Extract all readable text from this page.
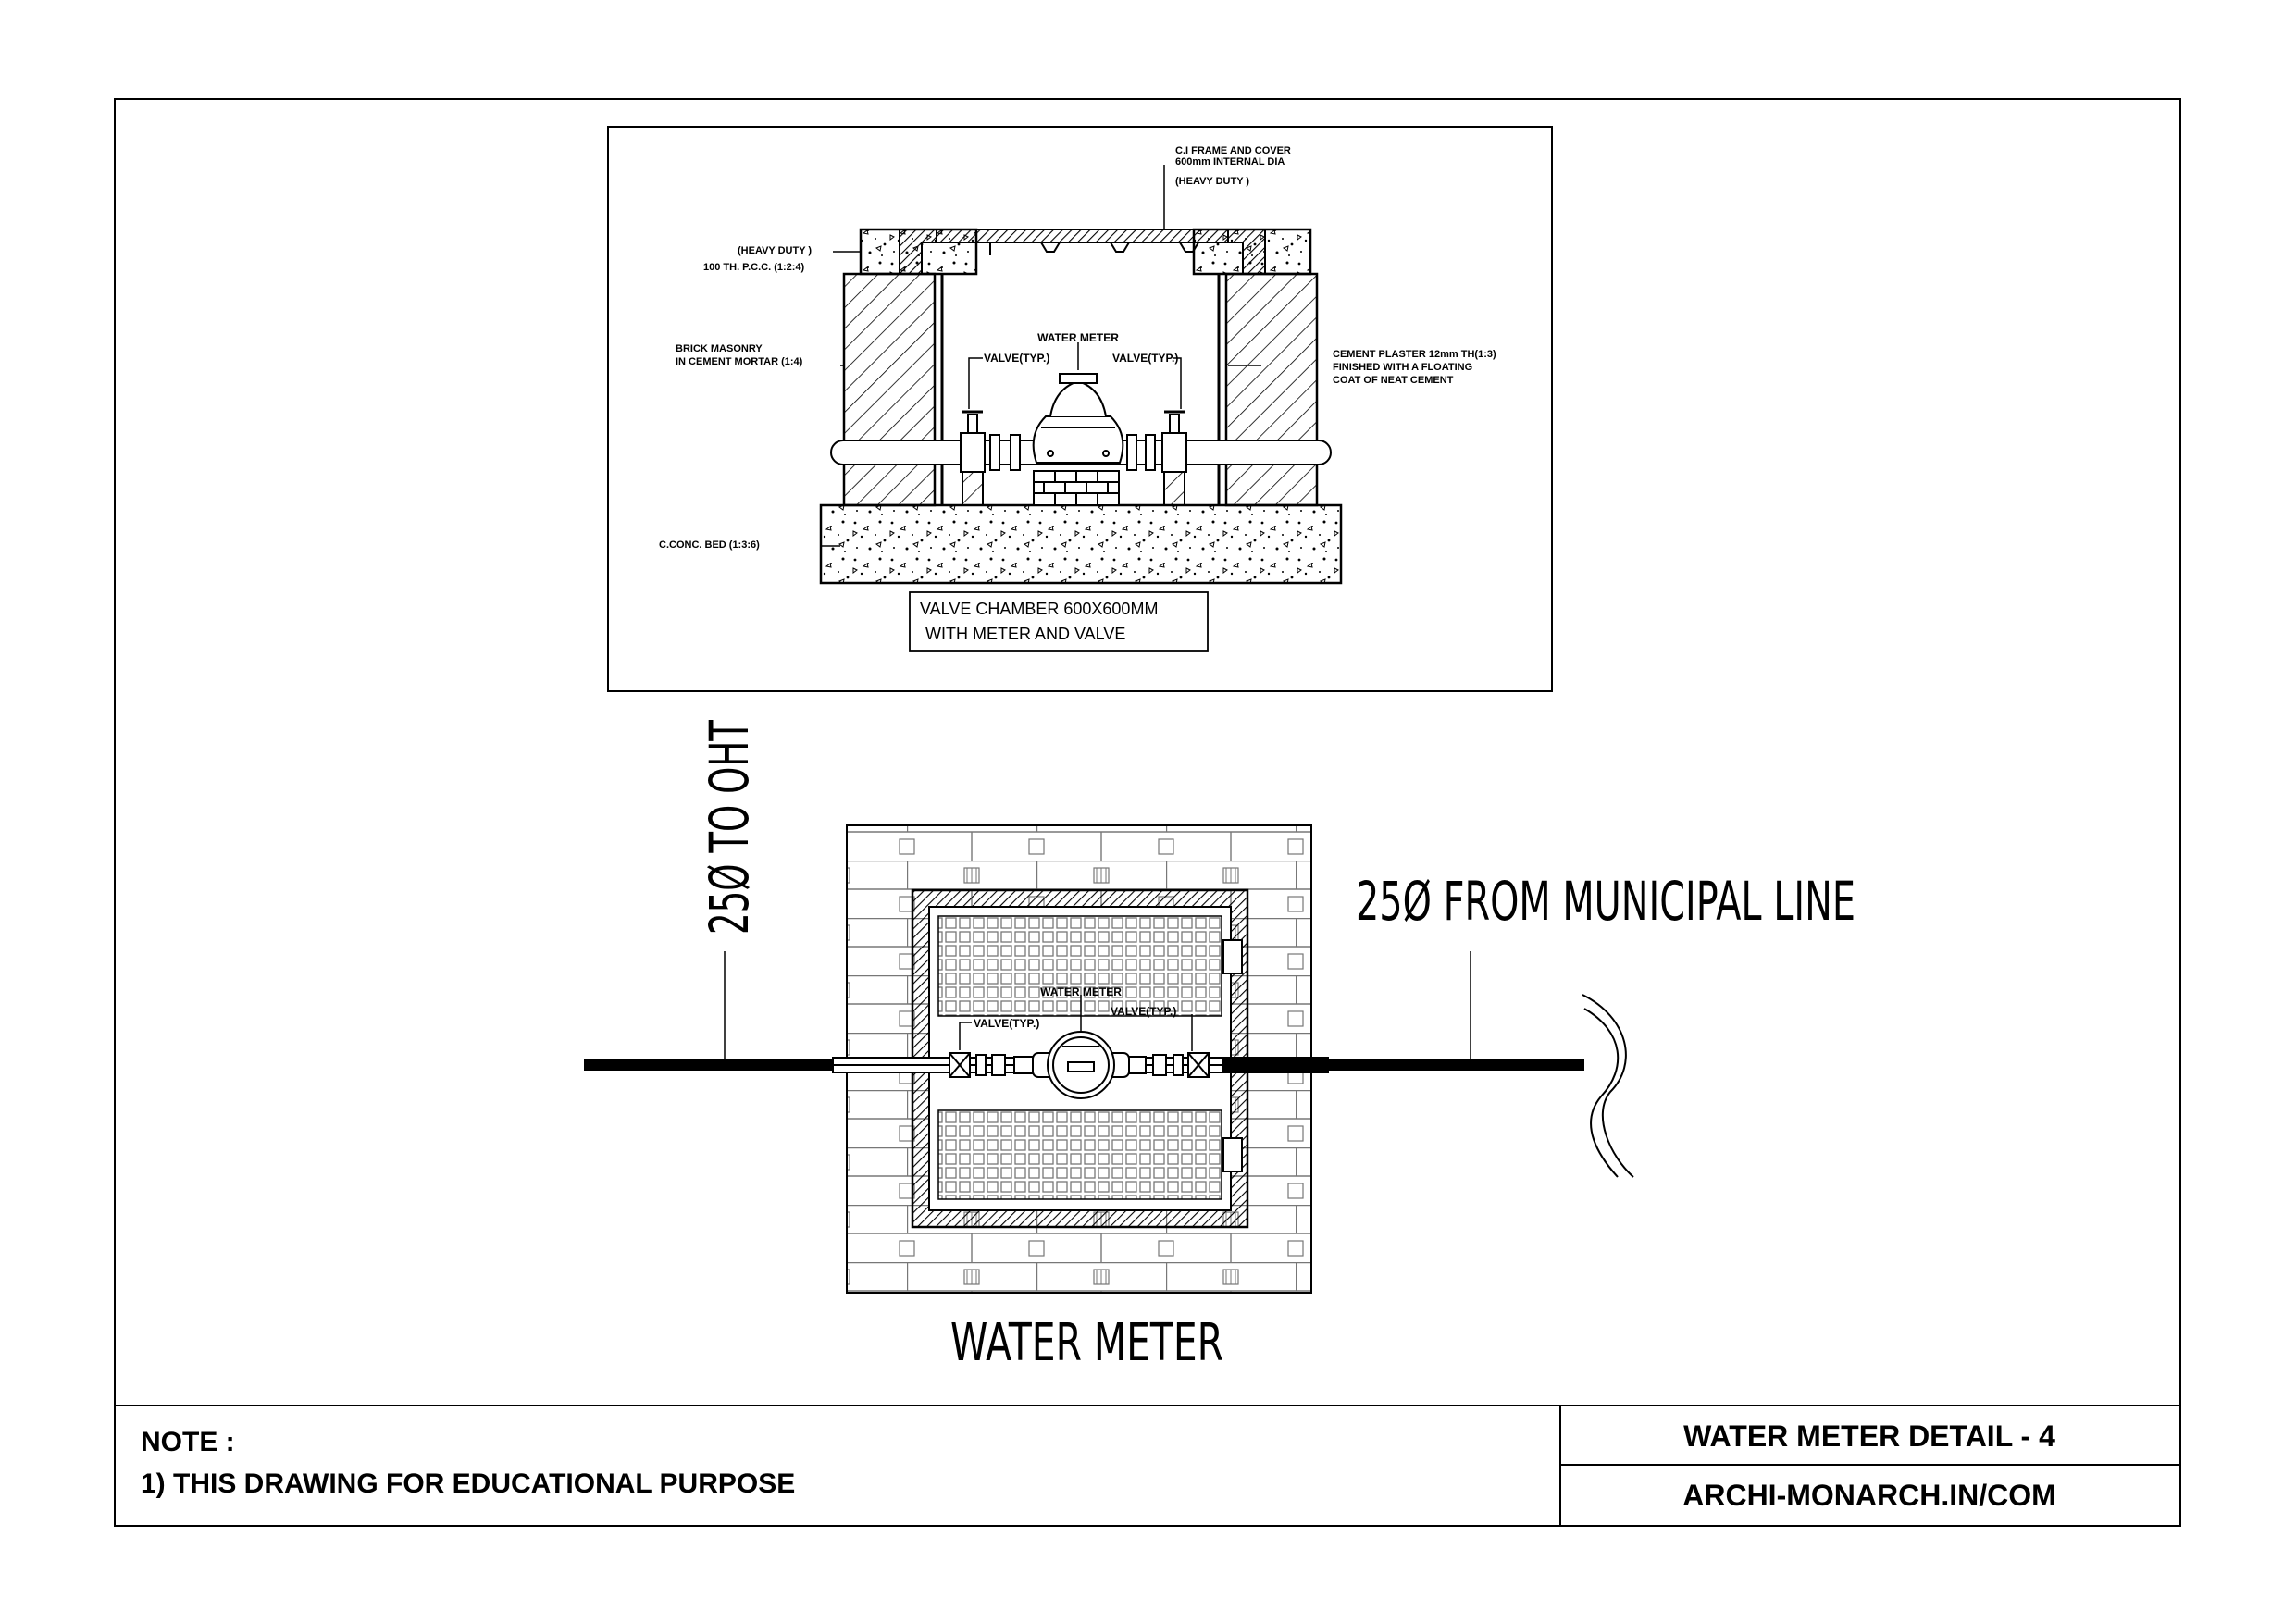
C.I FRAME AND COVER
600mm INTERNAL DIA
(HEAVY DUTY )
(HEAVY DUTY )
100 TH. P.C.C. (1:2:4)
BRICK MASONRY
IN CEMENT MORTAR (1:4)
WATER METER
VALVE(TYP.)	VALVE(TYP.)	CEMENT PLASTER 12mm TH(1:3)
FINISHED WITH A FLOATING
COAT OF NEAT CEMENT
C.CONC. BED (1:3:6)
VALVE CHAMBER 600X600MM
WITH METER AND VALVE
WATER METER
VALVE(TYP.)
VALVE(TYP.)
25Ø TO OHT	25Ø FROM MUNICIPAL LINE
WATER METER
NOTE :
1) THIS DRAWING FOR EDUCATIONAL PURPOSE
WATER METER DETAIL - 4
ARCHI-MONARCH.IN/COM
